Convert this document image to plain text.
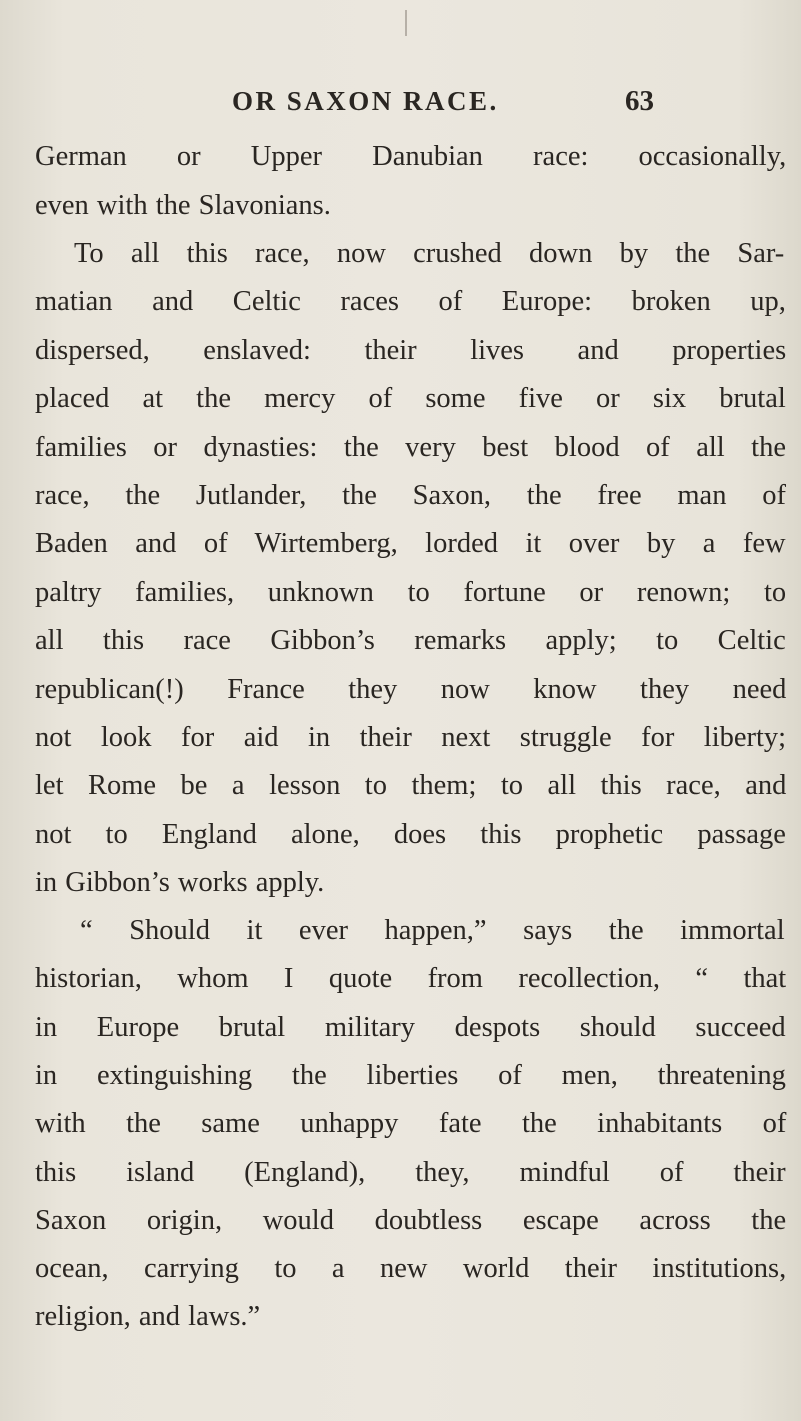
OR SAXON RACE.	63
German or Upper Danubian race: occasionally,
even with the Slavonians.
To all this race, now crushed down by the Sar-
matian and Celtic races of Europe: broken up,
dispersed, enslaved: their lives and properties
placed at the mercy of some five or six brutal
families or dynasties: the very best blood of all the
race, the Jutlander, the Saxon, the free man of
Baden and of Wirtemberg, lorded it over by a few
paltry families, unknown to fortune or renown; to
all this race Gibbon’s remarks apply; to Celtic
republican(!) France they now know they need
not look for aid in their next struggle for liberty;
let Rome be a lesson to them; to all this race, and
not to England alone, does this prophetic passage
in Gibbon’s works apply.
“ Should it ever happen,” says the immortal
historian, whom I quote from recollection, “ that
in Europe brutal military despots should succeed
in extinguishing the liberties of men, threatening
with the same unhappy fate the inhabitants of
this island (England), they, mindful of their
Saxon origin, would doubtless escape across the
ocean, carrying to a new world their institutions,
religion, and laws.”
